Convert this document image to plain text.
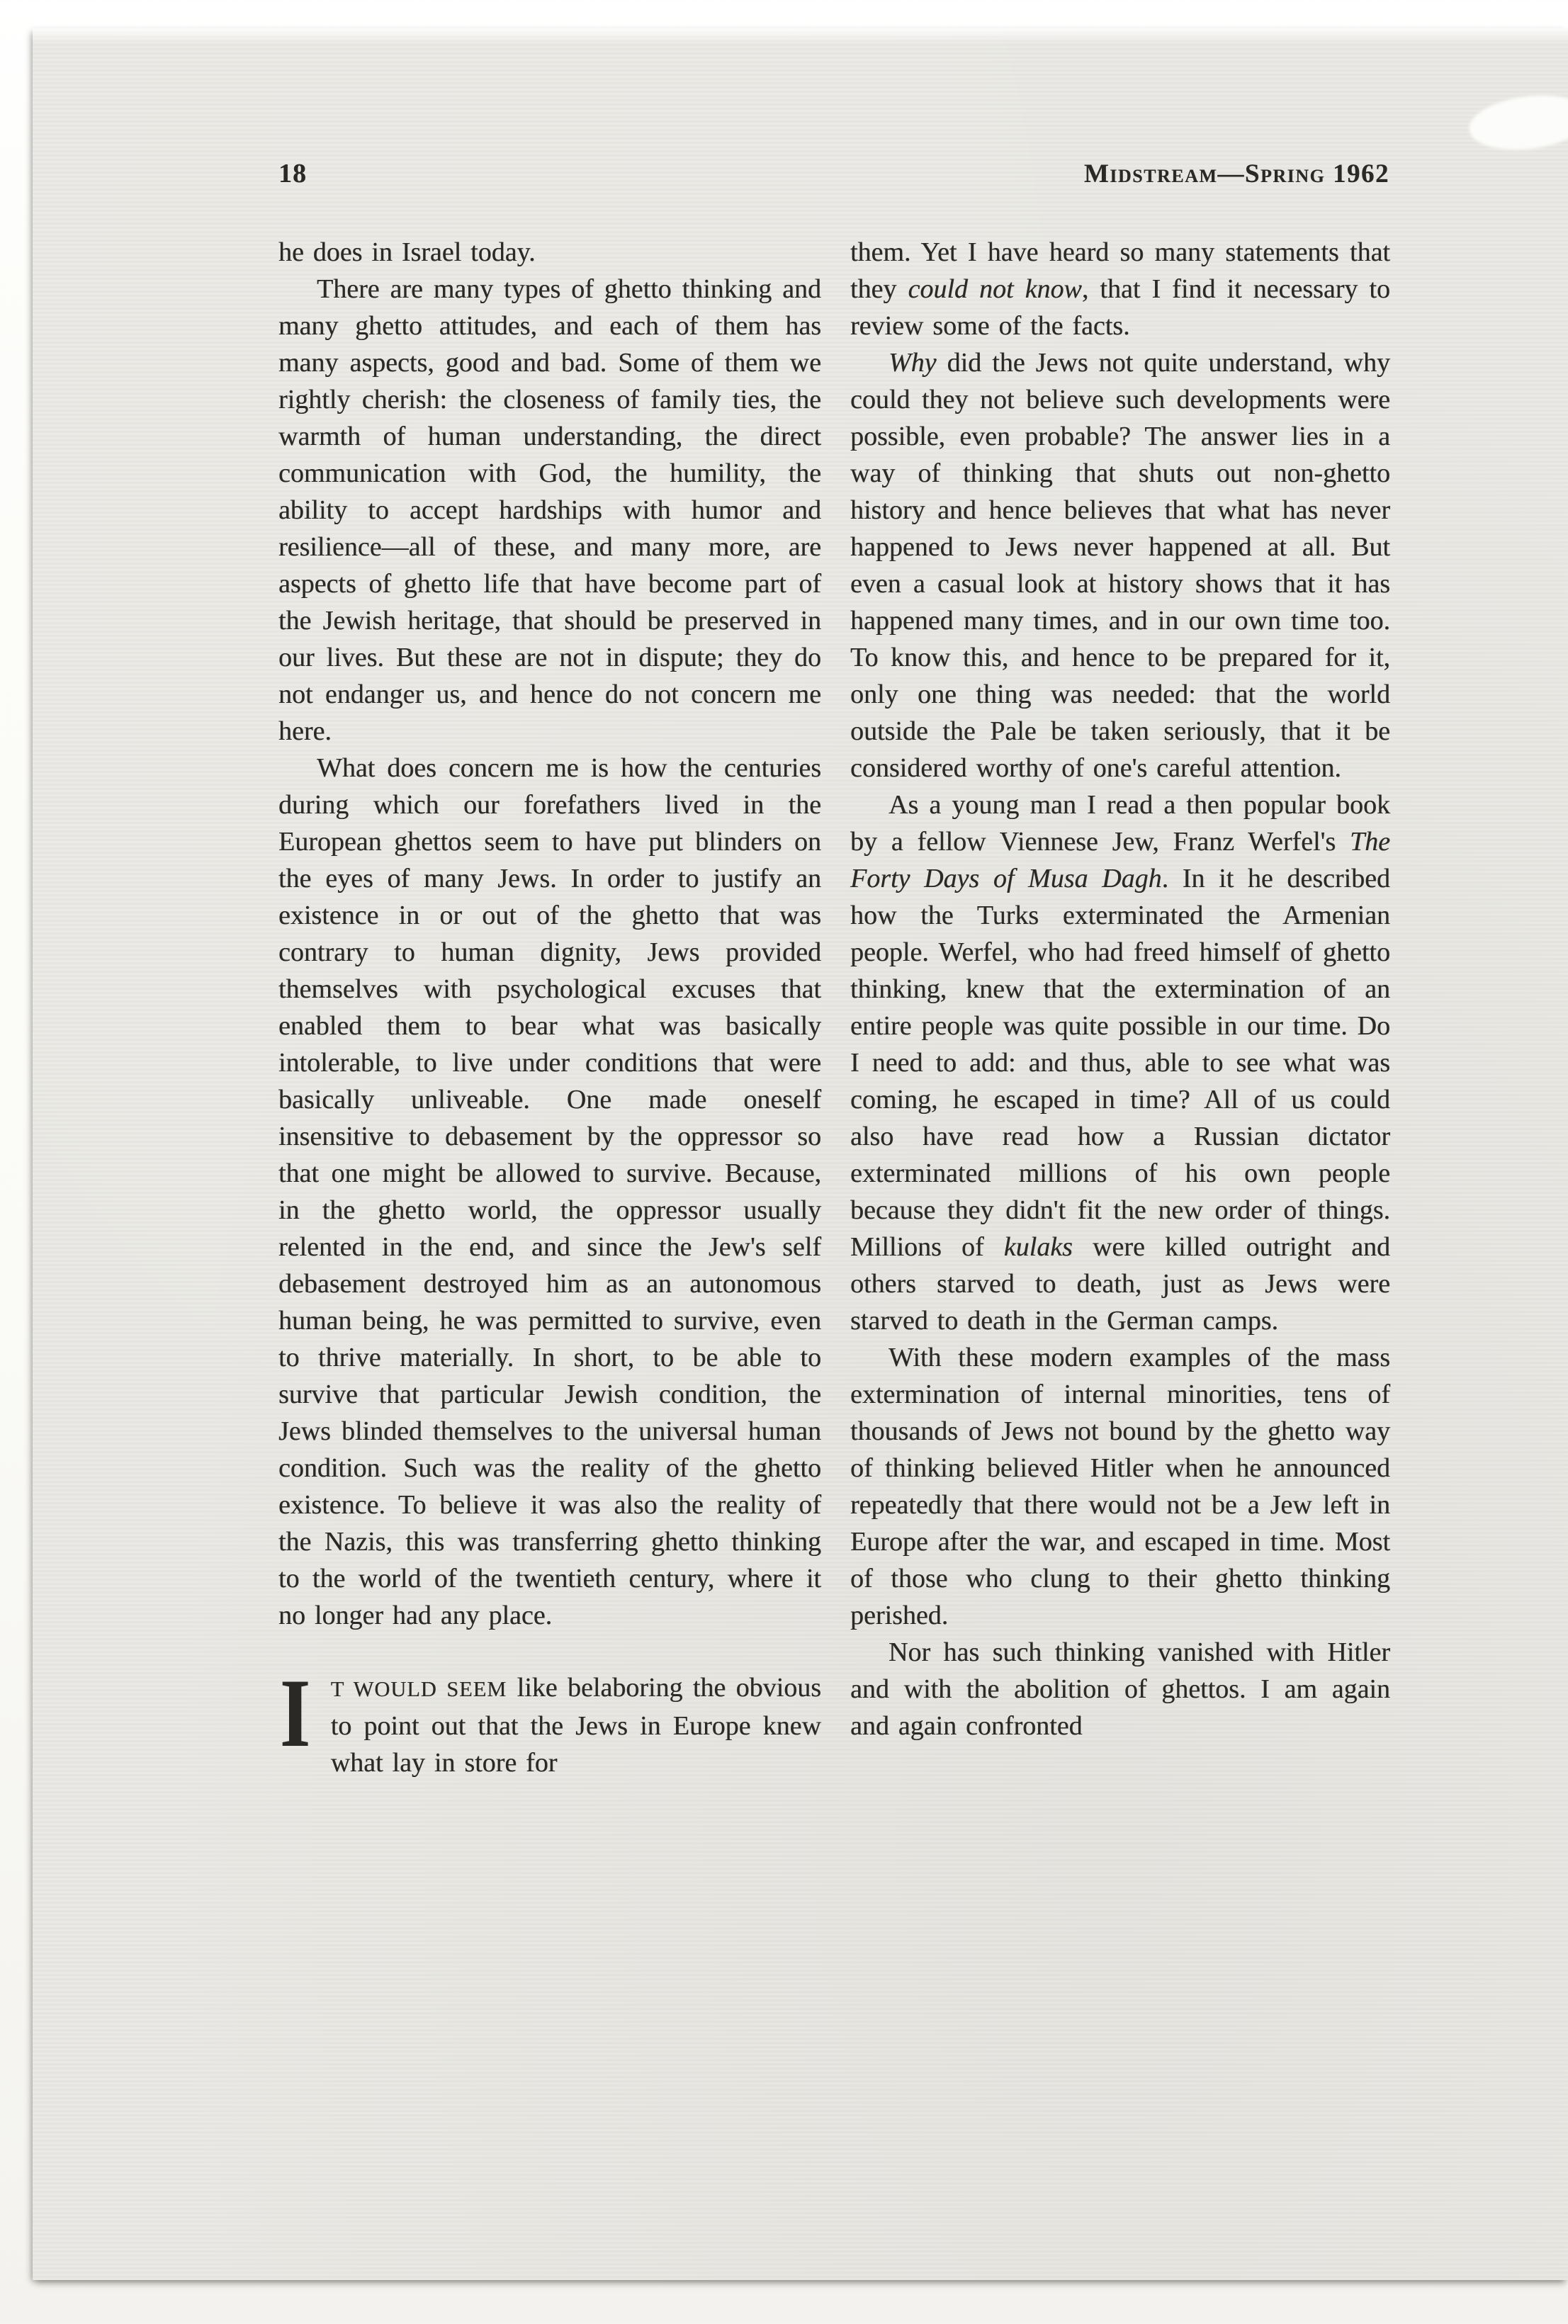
18	Midstream—Spring 1962

he does in Israel today.

There are many types of ghetto thinking and many ghetto attitudes, and each of them has many aspects, good and bad. Some of them we rightly cherish: the closeness of family ties, the warmth of human understanding, the direct communication with God, the humility, the ability to accept hardships with humor and resilience—all of these, and many more, are aspects of ghetto life that have become part of the Jewish heritage, that should be preserved in our lives. But these are not in dispute; they do not endanger us, and hence do not concern me here.

What does concern me is how the centuries during which our forefathers lived in the European ghettos seem to have put blinders on the eyes of many Jews. In order to justify an existence in or out of the ghetto that was contrary to human dignity, Jews provided themselves with psychological excuses that enabled them to bear what was basically intolerable, to live under conditions that were basically unliveable. One made oneself insensitive to debasement by the oppressor so that one might be allowed to survive. Because, in the ghetto world, the oppressor usually relented in the end, and since the Jew's self debasement destroyed him as an autonomous human being, he was permitted to survive, even to thrive materially. In short, to be able to survive that particular Jewish condition, the Jews blinded themselves to the universal human condition. Such was the reality of the ghetto existence. To believe it was also the reality of the Nazis, this was transferring ghetto thinking to the world of the twentieth century, where it no longer had any place.

IT WOULD SEEM like belaboring the obvious to point out that the Jews in Europe knew what lay in store for

them. Yet I have heard so many statements that they could not know, that I find it necessary to review some of the facts.

Why did the Jews not quite understand, why could they not believe such developments were possible, even probable? The answer lies in a way of thinking that shuts out non-ghetto history and hence believes that what has never happened to Jews never happened at all. But even a casual look at history shows that it has happened many times, and in our own time too. To know this, and hence to be prepared for it, only one thing was needed: that the world outside the Pale be taken seriously, that it be considered worthy of one's careful attention.

As a young man I read a then popular book by a fellow Viennese Jew, Franz Werfel's The Forty Days of Musa Dagh. In it he described how the Turks exterminated the Armenian people. Werfel, who had freed himself of ghetto thinking, knew that the extermination of an entire people was quite possible in our time. Do I need to add: and thus, able to see what was coming, he escaped in time? All of us could also have read how a Russian dictator exterminated millions of his own people because they didn't fit the new order of things. Millions of kulaks were killed outright and others starved to death, just as Jews were starved to death in the German camps.

With these modern examples of the mass extermination of internal minorities, tens of thousands of Jews not bound by the ghetto way of thinking believed Hitler when he announced repeatedly that there would not be a Jew left in Europe after the war, and escaped in time. Most of those who clung to their ghetto thinking perished.

Nor has such thinking vanished with Hitler and with the abolition of ghettos. I am again and again confronted
